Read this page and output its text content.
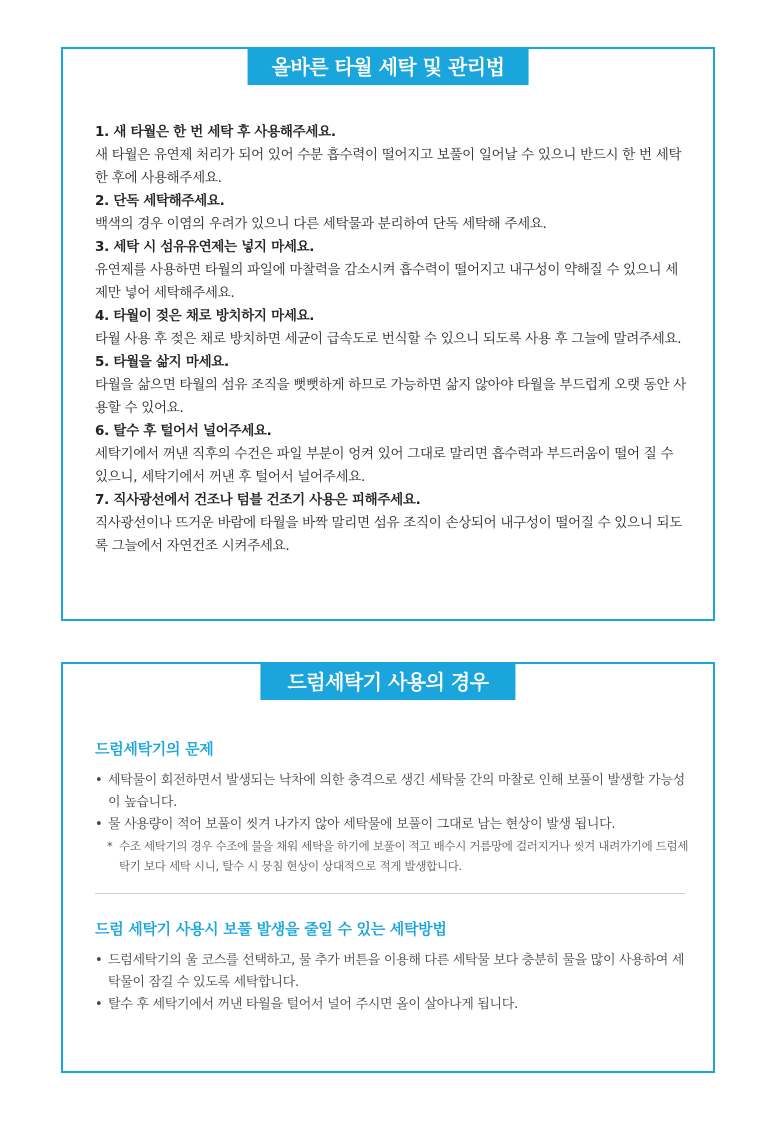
올바른 타월 세탁 및 관리법
1. 새 타월은 한 번 세탁 후 사용해주세요.
새 타월은 유연제 처리가 되어 있어 수분 흡수력이 떨어지고 보풀이 일어날 수 있으니 반드시 한 번 세탁한 후에 사용해주세요.
2. 단독 세탁해주세요.
백색의 경우 이염의 우려가 있으니 다른 세탁물과 분리하여 단독 세탁해 주세요.
3. 세탁 시 섬유유연제는 넣지 마세요.
유연제를 사용하면 타월의 파일에 마찰력을 감소시켜 흡수력이 떨어지고 내구성이 약해질 수 있으니 세제만 넣어 세탁해주세요.
4. 타월이 젖은 채로 방치하지 마세요.
타월 사용 후 젖은 채로 방치하면 세균이 급속도로 번식할 수 있으니 되도록 사용 후 그늘에 말려주세요.
5. 타월을 삶지 마세요.
타월을 삶으면 타월의 섬유 조직을 뻣뻣하게 하므로 가능하면 삶지 않아야 타월을 부드럽게 오랫 동안 사용할 수 있어요.
6. 탈수 후 털어서 널어주세요.
세탁기에서 꺼낸 직후의 수건은 파일 부분이 엉켜 있어 그대로 말리면 흡수력과 부드러움이 떨어 질 수 있으니, 세탁기에서 꺼낸 후 털어서 널어주세요.
7. 직사광선에서 건조나 텀블 건조기 사용은 피해주세요.
직사광선이나 뜨거운 바람에 타월을 바짝 말리면 섬유 조직이 손상되어 내구성이 떨어질 수 있으니 되도록 그늘에서 자연건조 시켜주세요.
드럼세탁기 사용의 경우
드럼세탁기의 문제
• 세탁물이 회전하면서 발생되는 낙차에 의한 충격으로 생긴 세탁물 간의 마찰로 인해 보풀이 발생할 가능성이 높습니다.
• 물 사용량이 적어 보풀이 씻겨 나가지 않아 세탁물에 보풀이 그대로 남는 현상이 발생 됩니다.
* 수조 세탁기의 경우 수조에 물을 채워 세탁을 하기에 보풀이 적고 배수시 거름망에 걸러지거나 씻겨 내려가기에 드럼세탁기 보다 세탁 시니, 탈수 시 뭉침 현상이 상대적으로 적게 발생합니다.
드럼 세탁기 사용시 보풀 발생을 줄일 수 있는 세탁방법
• 드럼세탁기의 울 코스를 선택하고, 물 추가 버튼을 이용해 다른 세탁물 보다 충분히 물을 많이 사용하여 세탁물이 잠길 수 있도록 세탁합니다.
• 탈수 후 세탁기에서 꺼낸 타월을 털어서 널어 주시면 올이 살아나게 됩니다.
